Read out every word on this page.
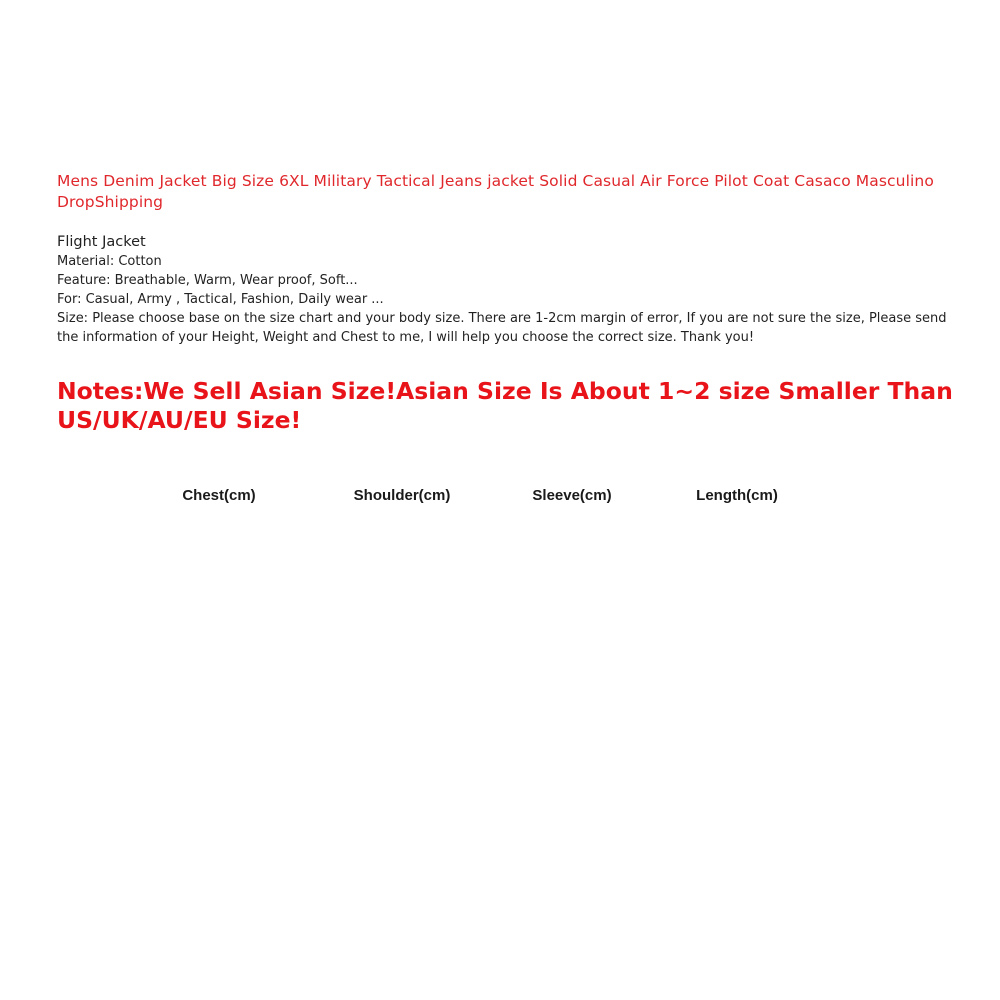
Mens Denim Jacket Big Size 6XL Military Tactical Jeans jacket Solid Casual Air Force Pilot Coat Casaco Masculino DropShipping
Flight Jacket
Material: Cotton
Feature: Breathable, Warm, Wear proof, Soft...
For: Casual, Army , Tactical, Fashion, Daily wear ...
Size: Please choose base on the size chart and your body size. There are 1-2cm margin of error, If you are not sure the size, Please send the information of your Height, Weight and Chest to me, I will help you choose the correct size. Thank you!
Notes:We Sell Asian Size!Asian Size Is About 1~2 size Smaller Than US/UK/AU/EU Size!
Chest(cm)	Shoulder(cm)	Sleeve(cm)	Length(cm)
